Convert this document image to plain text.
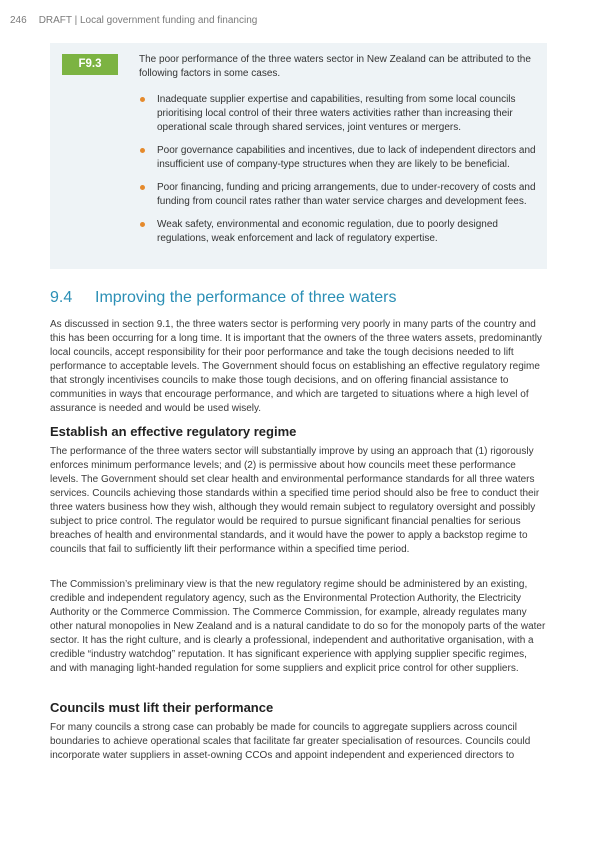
246 DRAFT | Local government funding and financing
F9.3	The poor performance of the three waters sector in New Zealand can be attributed to the following factors in some cases.
Inadequate supplier expertise and capabilities, resulting from some local councils prioritising local control of their three waters activities rather than increasing their operational scale through shared services, joint ventures or mergers.
Poor governance capabilities and incentives, due to lack of independent directors and insufficient use of company-type structures when they are likely to be beneficial.
Poor financing, funding and pricing arrangements, due to under-recovery of costs and funding from council rates rather than water service charges and development fees.
Weak safety, environmental and economic regulation, due to poorly designed regulations, weak enforcement and lack of regulatory expertise.
9.4 Improving the performance of three waters

As discussed in section 9.1, the three waters sector is performing very poorly in many parts of the country and this has been occurring for a long time. It is important that the owners of the three waters assets, predominantly local councils, accept responsibility for their poor performance and take the tough decisions needed to lift performance to acceptable levels. The Government should focus on establishing an effective regulatory regime that strongly incentivises councils to make those tough decisions, and on offering financial assistance to communities in ways that encourage performance, and which are targeted to situations where a high level of assurance is needed and would be used wisely.

Establish an effective regulatory regime

The performance of the three waters sector will substantially improve by using an approach that (1) rigorously enforces minimum performance levels; and (2) is permissive about how councils meet these performance levels. The Government should set clear health and environmental performance standards for all three waters services. Councils achieving those standards within a specified time period should also be free to conduct their three waters business how they wish, although they would remain subject to regulatory oversight and possibly subject to price control. The regulator would be required to pursue significant financial penalties for serious breaches of health and environmental standards, and it would have the power to apply a backstop regime to councils that fail to sufficiently lift their performance within a specified time period.

The Commission’s preliminary view is that the new regulatory regime should be administered by an existing, credible and independent regulatory agency, such as the Environmental Protection Authority, the Electricity Authority or the Commerce Commission. The Commerce Commission, for example, already regulates many other natural monopolies in New Zealand and is a natural candidate to do so for the monopoly parts of the water sector. It has the right culture, and is clearly a professional, independent and authoritative organisation, with a credible “industry watchdog” reputation. It has significant experience with applying supplier specific regimes, and with managing light-handed regulation for some suppliers and explicit price control for other suppliers.

Councils must lift their performance

For many councils a strong case can probably be made for councils to aggregate suppliers across council boundaries to achieve operational scales that facilitate far greater specialisation of resources. Councils could incorporate water suppliers in asset-owning CCOs and appoint independent and experienced directors to
